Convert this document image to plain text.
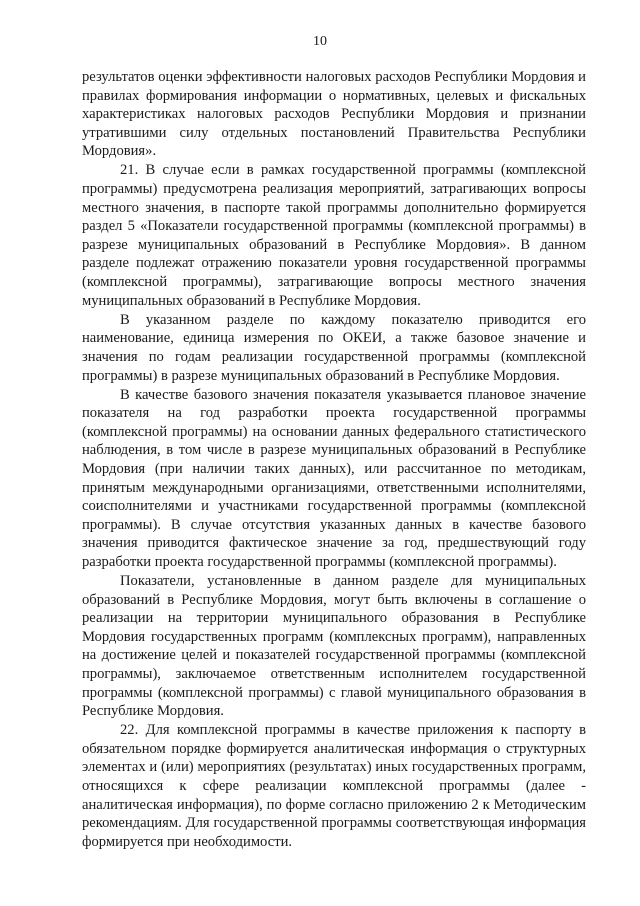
10

результатов оценки эффективности налоговых расходов Республики Мордовия и правилах формирования информации о нормативных, целевых и фискальных характеристиках налоговых расходов Республики Мордовия и признании утратившими силу отдельных постановлений Правительства Республики Мордовия».

21. В случае если в рамках государственной программы (комплексной программы) предусмотрена реализация мероприятий, затрагивающих вопросы местного значения, в паспорте такой программы дополнительно формируется раздел 5 «Показатели государственной программы (комплексной программы) в разрезе муниципальных образований в Республике Мордовия». В данном разделе подлежат отражению показатели уровня государственной программы (комплексной программы), затрагивающие вопросы местного значения муниципальных образований в Республике Мордовия.

В указанном разделе по каждому показателю приводится его наименование, единица измерения по ОКЕИ, а также базовое значение и значения по годам реализации государственной программы (комплексной программы) в разрезе муниципальных образований в Республике Мордовия.

В качестве базового значения показателя указывается плановое значение показателя на год разработки проекта государственной программы (комплексной программы) на основании данных федерального статистического наблюдения, в том числе в разрезе муниципальных образований в Республике Мордовия (при наличии таких данных), или рассчитанное по методикам, принятым международными организациями, ответственными исполнителями, соисполнителями и участниками государственной программы (комплексной программы). В случае отсутствия указанных данных в качестве базового значения приводится фактическое значение за год, предшествующий году разработки проекта государственной программы (комплексной программы).

Показатели, установленные в данном разделе для муниципальных образований в Республике Мордовия, могут быть включены в соглашение о реализации на территории муниципального образования в Республике Мордовия государственных программ (комплексных программ), направленных на достижение целей и показателей государственной программы (комплексной программы), заключаемое ответственным исполнителем государственной программы (комплексной программы) с главой муниципального образования в Республике Мордовия.

22. Для комплексной программы в качестве приложения к паспорту в обязательном порядке формируется аналитическая информация о структурных элементах и (или) мероприятиях (результатах) иных государственных программ, относящихся к сфере реализации комплексной программы (далее - аналитическая информация), по форме согласно приложению 2 к Методическим рекомендациям. Для государственной программы соответствующая информация формируется при необходимости.
